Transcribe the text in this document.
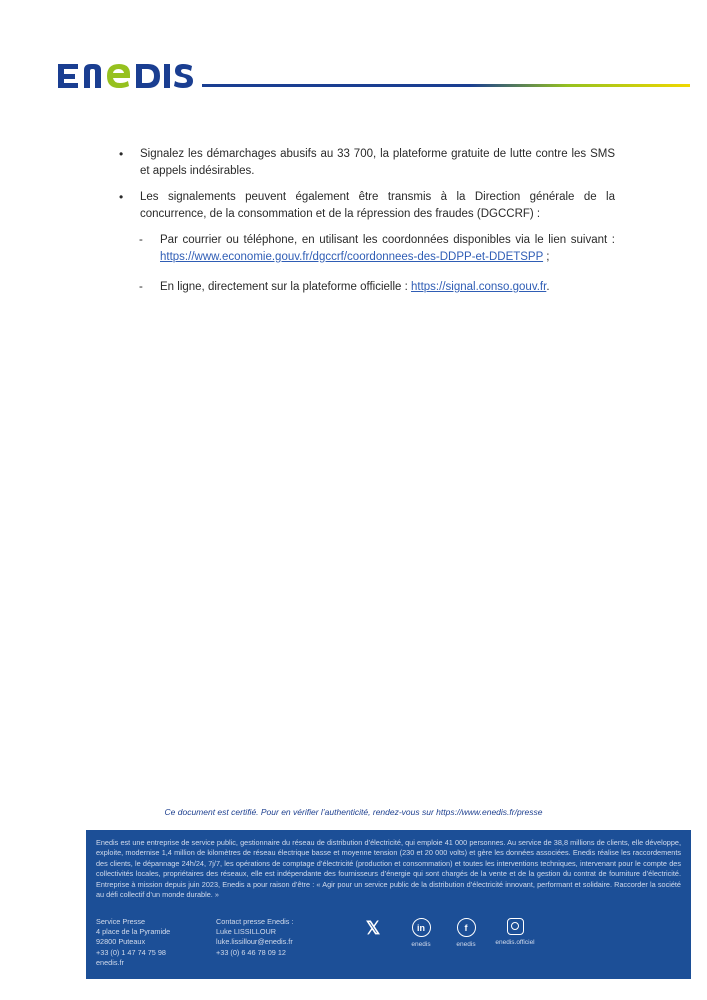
• Signalez les démarchages abusifs au 33 700, la plateforme gratuite de lutte contre les SMS et appels indésirables.
• Les signalements peuvent également être transmis à la Direction générale de la concurrence, de la consommation et de la répression des fraudes (DGCCRF) :
- Par courrier ou téléphone, en utilisant les coordonnées disponibles via le lien suivant : https://www.economie.gouv.fr/dgccrf/coordonnees-des-DDPP-et-DDETSPP ;
- En ligne, directement sur la plateforme officielle : https://signal.conso.gouv.fr.
Ce document est certifié. Pour en vérifier l’authenticité, rendez-vous sur https://www.enedis.fr/presse
Enedis est une entreprise de service public, gestionnaire du réseau de distribution d’électricité, qui emploie 41 000 personnes. Au service de 38,8 millions de clients, elle développe, exploite, modernise 1,4 million de kilomètres de réseau électrique basse et moyenne tension (230 et 20 000 volts) et gère les données associées. Enedis réalise les raccordements des clients, le dépannage 24h/24, 7j/7, les opérations de comptage d’électricité (production et consommation) et toutes les interventions techniques, intervenant pour le compte des collectivités locales, propriétaires des réseaux, elle est indépendante des fournisseurs d’énergie qui sont chargés de la vente et de la gestion du contrat de fourniture d’électricité. Entreprise à mission depuis juin 2023, Enedis a pour raison d’être : « Agir pour un service public de la distribution d’électricité innovant, performant et solidaire. Raccorder la société au défi collectif d’un monde durable. »
Service Presse
4 place de la Pyramide
92800 Puteaux
+33 (0) 1 47 74 75 98
enedis.fr
Contact presse Enedis :
Luke LISSILLOUR
luke.lissillour@enedis.fr
+33 (0) 6 46 78 09 12
𝕏	in
enedis
f
enedis	enedis.officiel
